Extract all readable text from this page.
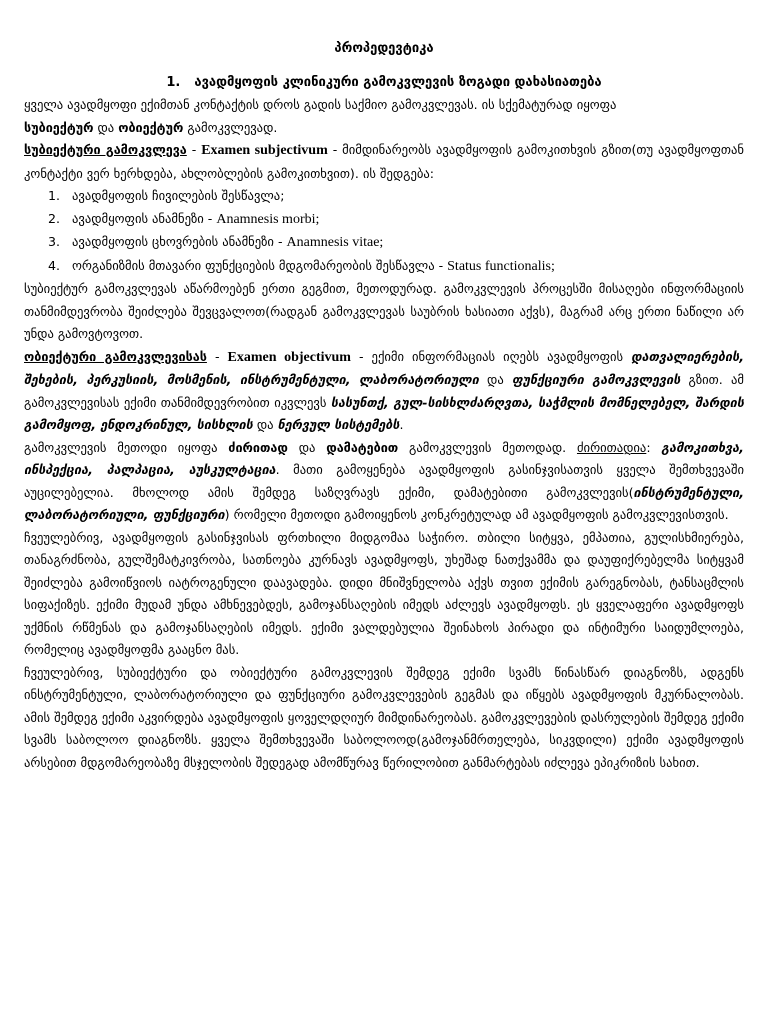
პროპედევტიკა
1. ავადმყოფის კლინიკური გამოკვლევის ზოგადი დახასიათება

ყველა ავადმყოფი ექიმთან კონტაქტის დროს გადის საქმიო გამოკვლევას. ის სქემატურად იყოფა
სუბიექტურ და ობიექტურ გამოკვლევად.

სუბიექტური გამოკვლევა - Examen subjectivum - მიმდინარეობს ავადმყოფის გამოკითხვის გზით(თუ ავადმყოფთან კონტაქტი ვერ ხერხდება, ახლობლების გამოკითხვით). ის შედგება:

1. ავადმყოფის ჩივილების შესწავლა;
2. ავადმყოფის ანამნეზი - Anamnesis morbi;
3. ავადმყოფის ცხოვრების ანამნეზი - Anamnesis vitae;
4. ორგანიზმის მთავარი ფუნქციების მდგომარეობის შესწავლა - Status functionalis;

სუბიექტურ გამოკვლევას აწარმოებენ ერთი გეგმით, მეთოდურად. გამოკვლევის პროცესში მისაღები ინფორმაციის თანმიმდევრობა შეიძლება შევცვალოთ(რადგან გამოკვლევას საუბრის ხასიათი აქვს), მაგრამ არც ერთი ნაწილი არ უნდა გამოვტოვოთ.

ობიექტური გამოკვლევისას - Examen objectivum - ექიმი ინფორმაციას იღებს ავადმყოფის დათვალიერების, შეხების, პერკუსიის, მოსმენის, ინსტრუმენტული, ლაბორატორიული და ფუნქციური გამოკვლევის გზით. ამ გამოკვლევისას ექიმი თანმიმდევრობით იკვლევს სასუნთქ, გულ-სისხლძარღვთა, საჭმლის მომნელებელ, შარდის გამომყოფ, ენდოკრინულ, სისხლის და ნერვულ სისტემებს.

გამოკვლევის მეთოდი იყოფა ძირითად და დამატებით გამოკვლევის მეთოდად. ძირითადია: გამოკითხვა, ინსპექცია, პალპაცია, აუსკულტაცია. მათი გამოყენება ავადმყოფის გასინჯვისათვის ყველა შემთხვევაში აუცილებელია. მხოლოდ ამის შემდეგ საზღვრავს ექიმი, დამატებითი გამოკვლევის(ინსტრუმენტული, ლაბორატორიული, ფუნქციური) რომელი მეთოდი გამოიყენოს კონკრეტულად ამ ავადმყოფის გამოკვლევისთვის.

ჩვეულებრივ, ავადმყოფის გასინჯვისას ფრთხილი მიდგომაა საჭირო. თბილი სიტყვა, ემპათია, გულისხმიერება, თანაგრძნობა, გულშემატკივრობა, სათნოება კურნავს ავადმყოფს, უხეშად ნათქვამმა და დაუფიქრებელმა სიტყვამ შეიძლება გამოიწვიოს იატროგენული დაავადება. დიდი მნიშვნელობა აქვს თვით ექიმის გარეგნობას, ტანსაცმლის სიფაქიზეს. ექიმი მუდამ უნდა ამხნევებდეს, გამოჯანსაღების იმედს აძლევს ავადმყოფს. ეს ყველაფერი ავადმყოფს უქმნის რწმენას და გამოჯანსაღების იმედს. ექიმი ვალდებულია შეინახოს პირადი და ინტიმური საიდუმლოება, რომელიც ავადმყოფმა გააცნო მას.

ჩვეულებრივ, სუბიექტური და ობიექტური გამოკვლევის შემდეგ ექიმი სვამს წინასწარ დიაგნოზს, ადგენს ინსტრუმენტული, ლაბორატორიული და ფუნქციური გამოკვლევების გეგმას და იწყებს ავადმყოფის მკურნალობას. ამის შემდეგ ექიმი აკვირდება ავადმყოფის ყოველდღიურ მიმდინარეობას. გამოკვლევების დასრულების შემდეგ ექიმი სვამს საბოლოო დიაგნოზს. ყველა შემთხვევაში საბოლოოდ(გამოჯანმრთელება, სიკვდილი) ექიმი ავადმყოფის არსებით მდგომარეობაზე მსჯელობის შედეგად ამომწურავ წერილობით განმარტებას იძლევა ეპიკრიზის სახით.
